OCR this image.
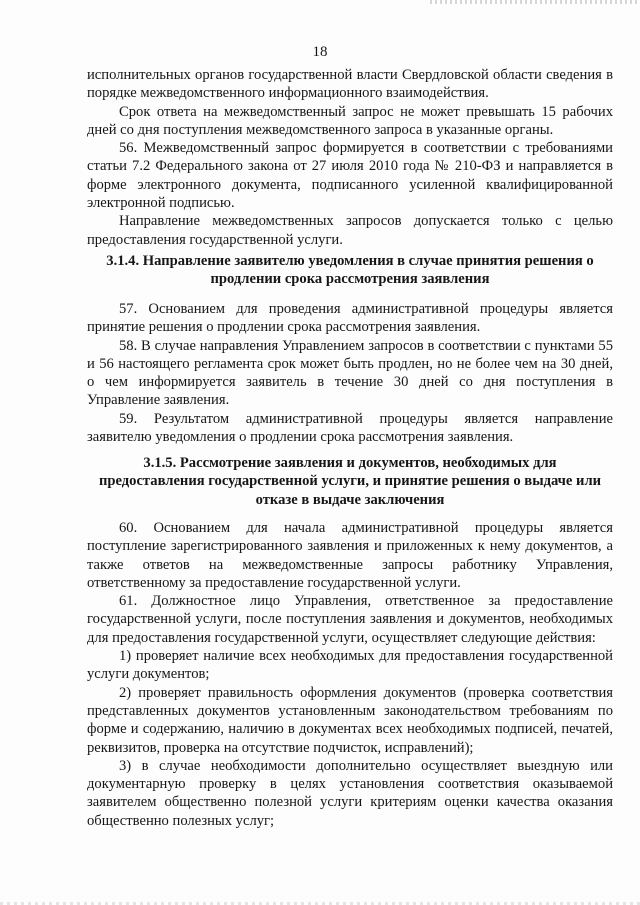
18

исполнительных органов государственной власти Свердловской области сведения в порядке межведомственного информационного взаимодействия.

Срок ответа на межведомственный запрос не может превышать 15 рабочих дней со дня поступления межведомственного запроса в указанные органы.

56. Межведомственный запрос формируется в соответствии с требованиями статьи 7.2 Федерального закона от 27 июля 2010 года № 210-ФЗ и направляется в форме электронного документа, подписанного усиленной квалифицированной электронной подписью.

Направление межведомственных запросов допускается только с целью предоставления государственной услуги.

3.1.4. Направление заявителю уведомления в случае принятия решения о продлении срока рассмотрения заявления

57. Основанием для проведения административной процедуры является принятие решения о продлении срока рассмотрения заявления.

58. В случае направления Управлением запросов в соответствии с пунктами 55 и 56 настоящего регламента срок может быть продлен, но не более чем на 30 дней, о чем информируется заявитель в течение 30 дней со дня поступления в Управление заявления.

59. Результатом административной процедуры является направление заявителю уведомления о продлении срока рассмотрения заявления.

3.1.5. Рассмотрение заявления и документов, необходимых для предоставления государственной услуги, и принятие решения о выдаче или отказе в выдаче заключения

60. Основанием для начала административной процедуры является поступление зарегистрированного заявления и приложенных к нему документов, а также ответов на межведомственные запросы работнику Управления, ответственному за предоставление государственной услуги.

61. Должностное лицо Управления, ответственное за предоставление государственной услуги, после поступления заявления и документов, необходимых для предоставления государственной услуги, осуществляет следующие действия:

1) проверяет наличие всех необходимых для предоставления государственной услуги документов;

2) проверяет правильность оформления документов (проверка соответствия представленных документов установленным законодательством требованиям по форме и содержанию, наличию в документах всех необходимых подписей, печатей, реквизитов, проверка на отсутствие подчисток, исправлений);

3) в случае необходимости дополнительно осуществляет выездную или документарную проверку в целях установления соответствия оказываемой заявителем общественно полезной услуги критериям оценки качества оказания общественно полезных услуг;
